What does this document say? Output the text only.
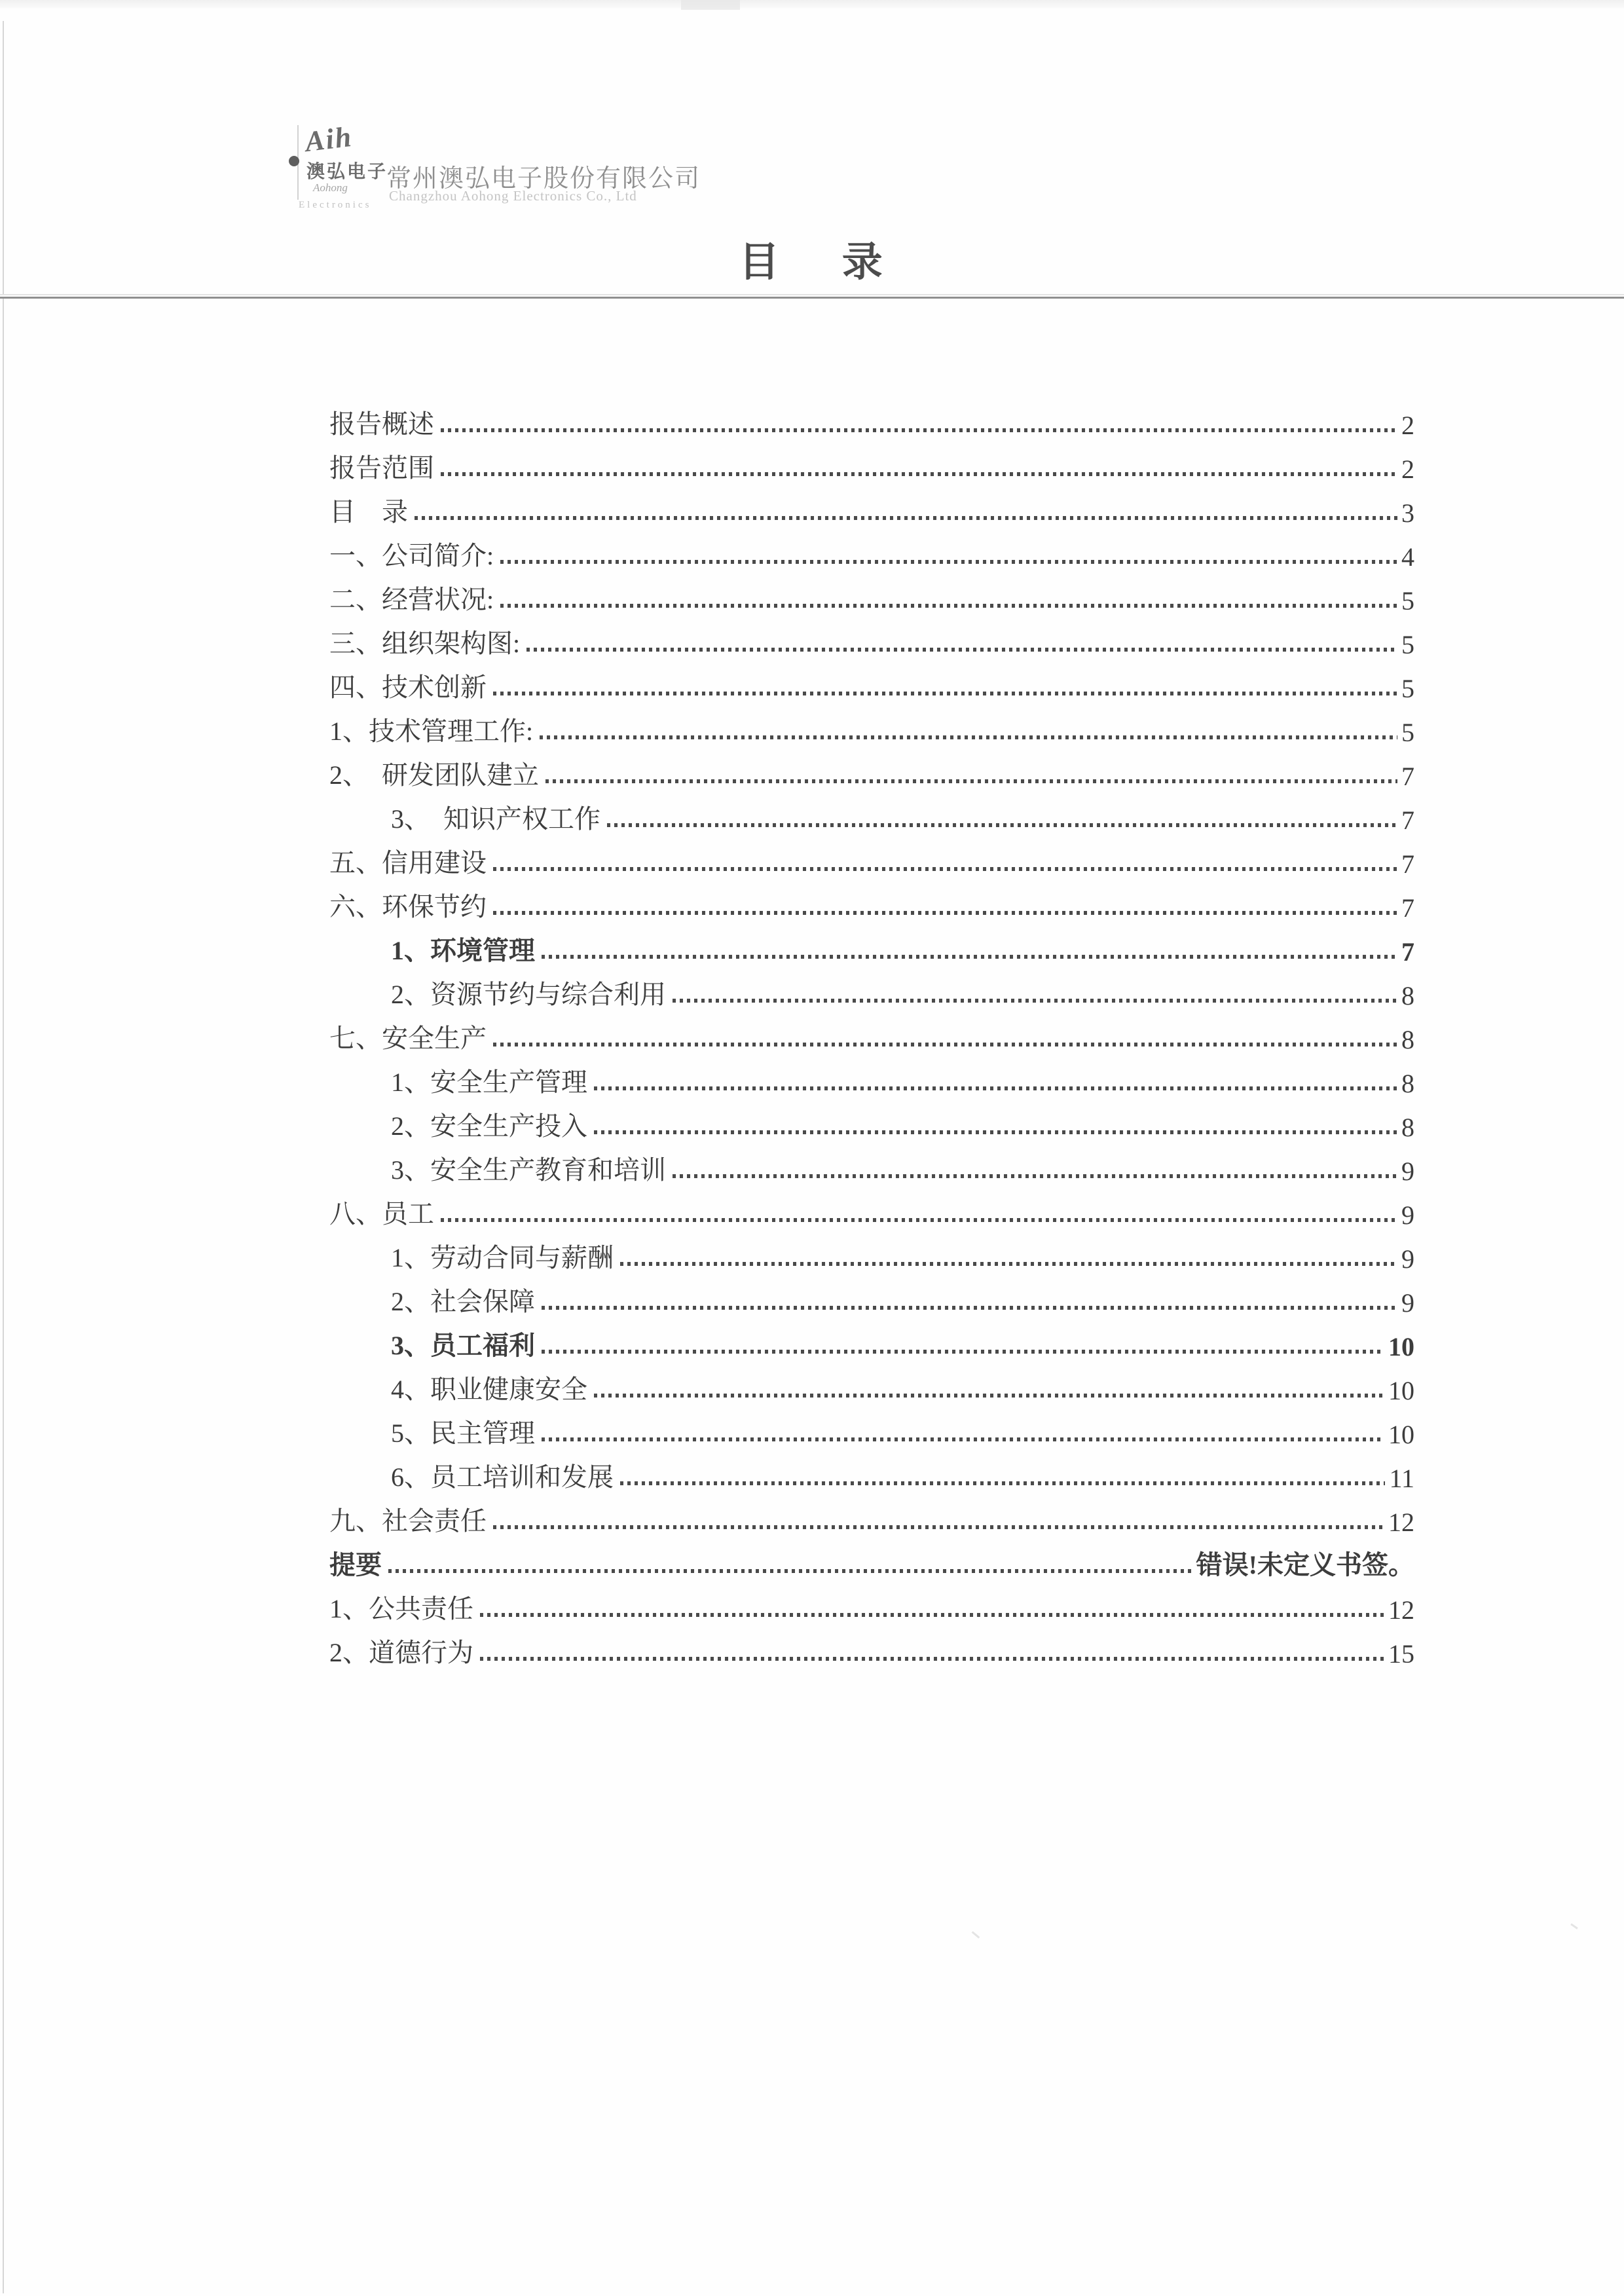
Aih
澳弘电子
Aohong
Electronics
常州澳弘电子股份有限公司
Changzhou Aohong Electronics Co., Ltd
目 录
报告概述	2
报告范围	2
目　录	3
一、公司简介:	4
二、经营状况:	5
三、组织架构图:	5
四、技术创新	5
1、技术管理工作:	5
2、　研发团队建立	7
3、　知识产权工作	7
五、信用建设	7
六、环保节约	7
1、环境管理	7
2、资源节约与综合利用	8
七、安全生产	8
1、安全生产管理	8
2、安全生产投入	8
3、安全生产教育和培训	9
八、员工	9
1、劳动合同与薪酬	9
2、社会保障	9
3、员工福利	10
4、职业健康安全	10
5、民主管理	10
6、员工培训和发展	11
九、社会责任	12
提要	错误!未定义书签。
1、公共责任	12
2、道德行为	15
